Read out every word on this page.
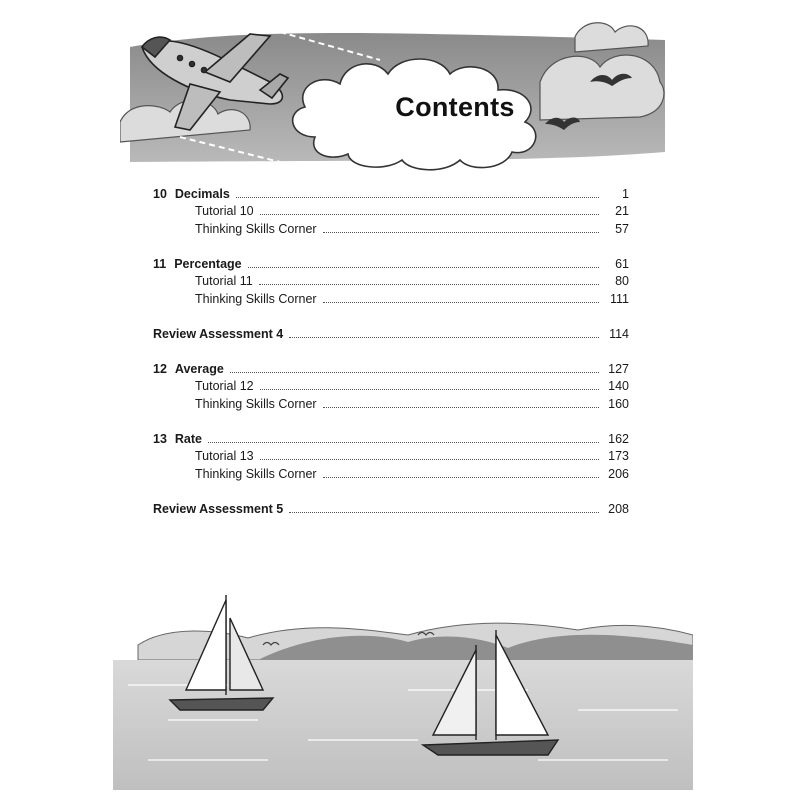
Contents
10 Decimals	1
Tutorial 10	21
Thinking Skills Corner	57
11 Percentage	61
Tutorial 11	80
Thinking Skills Corner	111
Review Assessment 4	114
12 Average	127
Tutorial 12	140
Thinking Skills Corner	160
13 Rate	162
Tutorial 13	173
Thinking Skills Corner	206
Review Assessment 5	208
